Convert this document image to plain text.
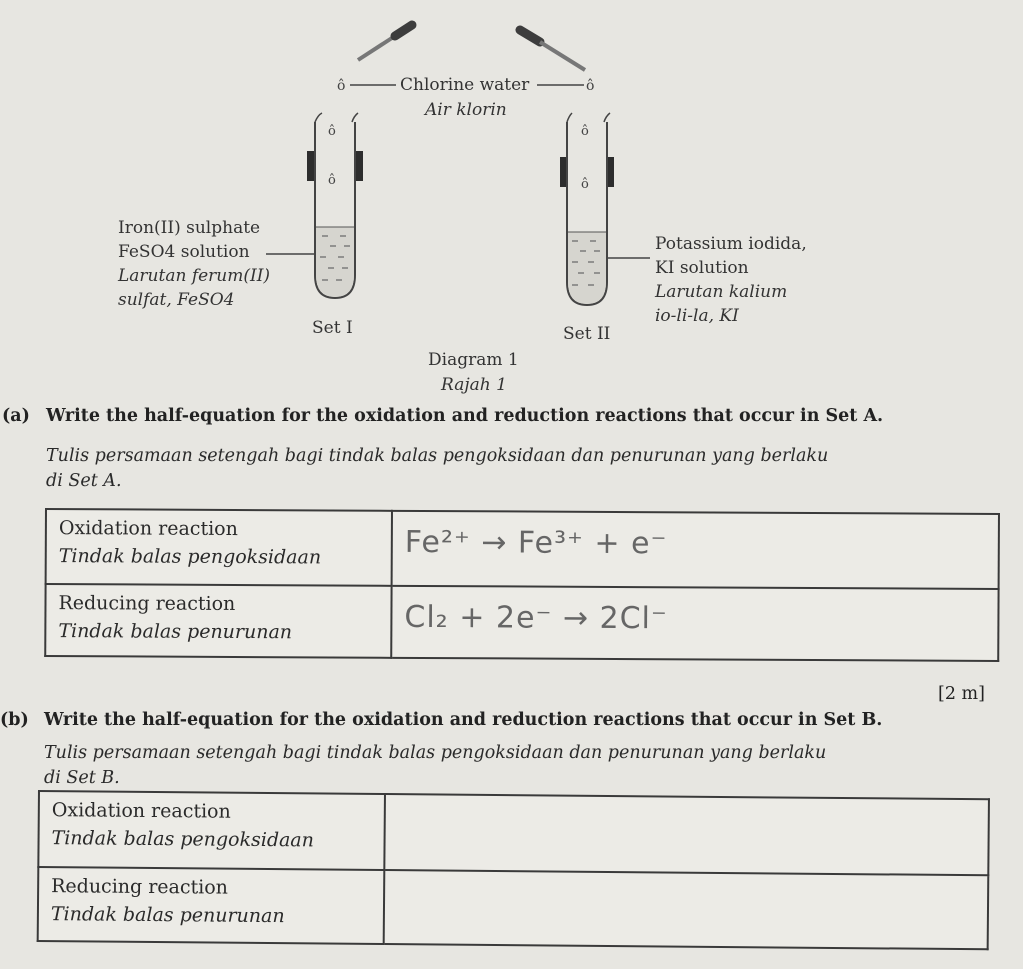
ô	ô
ô
ô
ô
ô
Chlorine water
Air klorin
Iron(II) sulphate
FeSO4 solution
Larutan ferum(II)
sulfat, FeSO4
Potassium iodida,
KI solution
Larutan kalium
io-li-la, KI
Set I	Set II
Diagram 1
Rajah 1
(a) Write the half-equation for the oxidation and reduction reactions that occur in Set A.
Tulis persamaan setengah bagi tindak balas pengoksidaan dan penurunan yang berlaku
di Set A.
Oxidation reaction
Tindak balas pengoksidaan	Fe²⁺ → Fe³⁺ + e⁻

Reducing reaction
Tindak balas penurunan	Cl₂ + 2e⁻ → 2Cl⁻
[2 m]
(b) Write the half-equation for the oxidation and reduction reactions that occur in Set B.
Tulis persamaan setengah bagi tindak balas pengoksidaan dan penurunan yang berlaku
di Set B.
Oxidation reaction
Tindak balas pengoksidaan	

Reducing reaction
Tindak balas penurunan	
